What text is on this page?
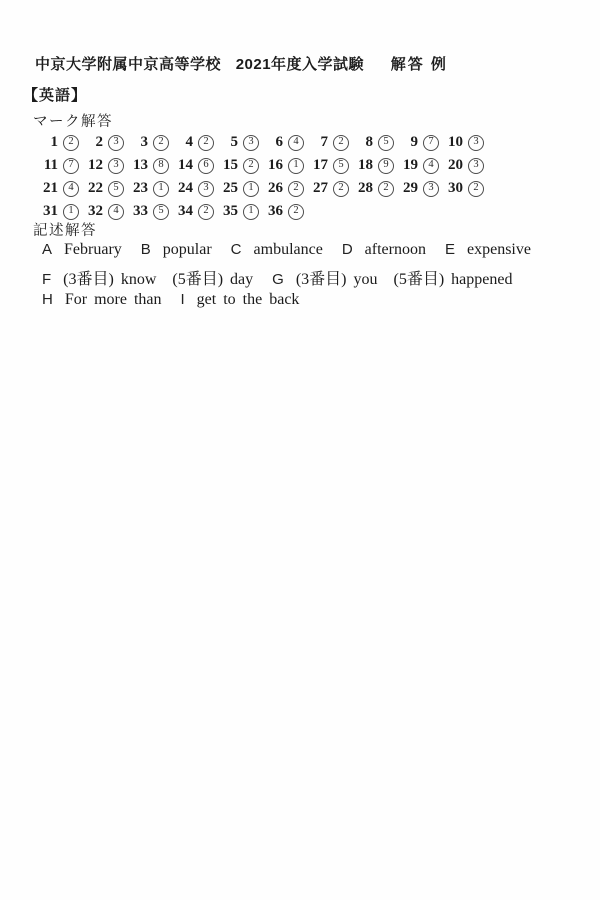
中京大学附属中京高等学校 2021年度入学試験 解答 例
【英語】
マーク解答
1 2	2 3	3 2	4 2	5 3	6 4	7 2	8 5	9 7 10 3
11 7 12 3 13 8 14 6 15 2 16 1 17 5 18 9 19 4 20 3
21 4 22 5 23 1 24 3 25 1 26 2 27 2 28 2 29 3 30 2
31 1 32 4 33 5 34 2 35 1 36 2
記述解答
A February B popular C ambulance D afternoon E expensive
F (3番目) know　(5番目) day G (3番目) you　(5番目) happened
H For more than I get to the back
